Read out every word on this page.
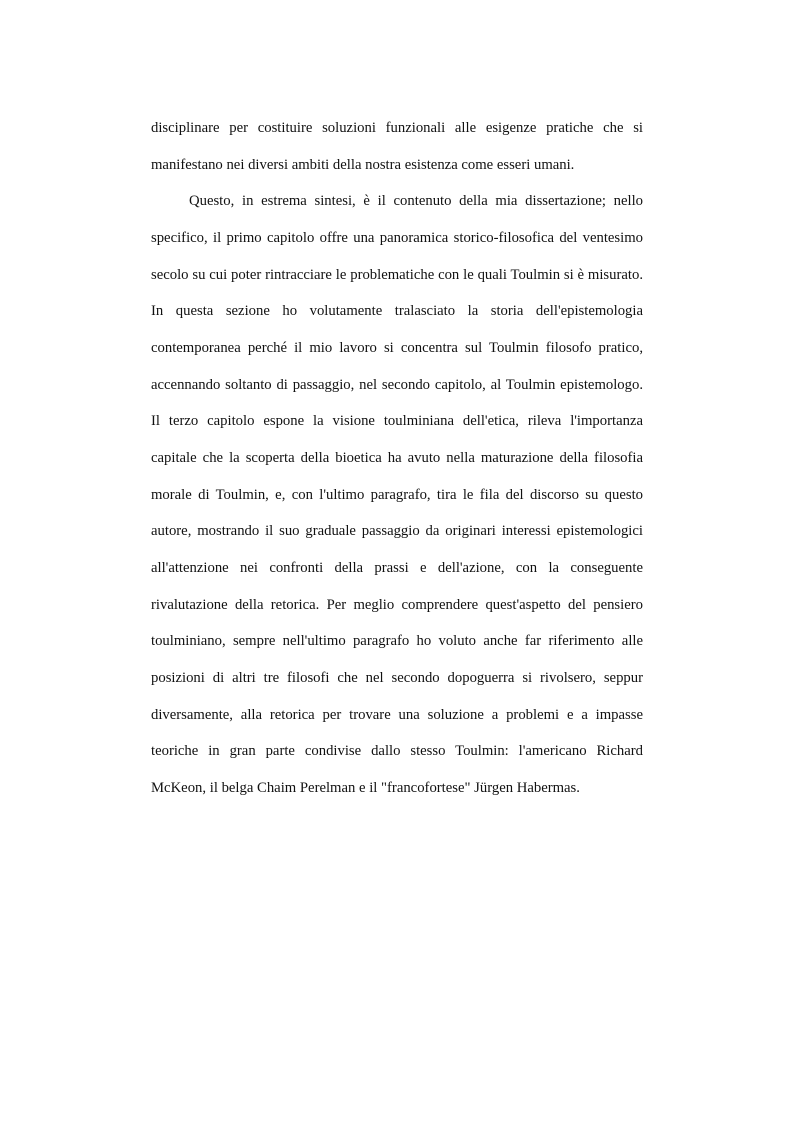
disciplinare per costituire soluzioni funzionali alle esigenze pratiche che si manifestano nei diversi ambiti della nostra esistenza come esseri umani.

Questo, in estrema sintesi, è il contenuto della mia dissertazione; nello specifico, il primo capitolo offre una panoramica storico-filosofica del ventesimo secolo su cui poter rintracciare le problematiche con le quali Toulmin si è misurato. In questa sezione ho volutamente tralasciato la storia dell'epistemologia contemporanea perché il mio lavoro si concentra sul Toulmin filosofo pratico, accennando soltanto di passaggio, nel secondo capitolo, al Toulmin epistemologo. Il terzo capitolo espone la visione toulminiana dell'etica, rileva l'importanza capitale che la scoperta della bioetica ha avuto nella maturazione della filosofia morale di Toulmin, e, con l'ultimo paragrafo, tira le fila del discorso su questo autore, mostrando il suo graduale passaggio da originari interessi epistemologici all'attenzione nei confronti della prassi e dell'azione, con la conseguente rivalutazione della retorica. Per meglio comprendere quest'aspetto del pensiero toulminiano, sempre nell'ultimo paragrafo ho voluto anche far riferimento alle posizioni di altri tre filosofi che nel secondo dopoguerra si rivolsero, seppur diversamente, alla retorica per trovare una soluzione a problemi e a impasse teoriche in gran parte condivise dallo stesso Toulmin: l'americano Richard McKeon, il belga Chaim Perelman e il "francofortese" Jürgen Habermas.
